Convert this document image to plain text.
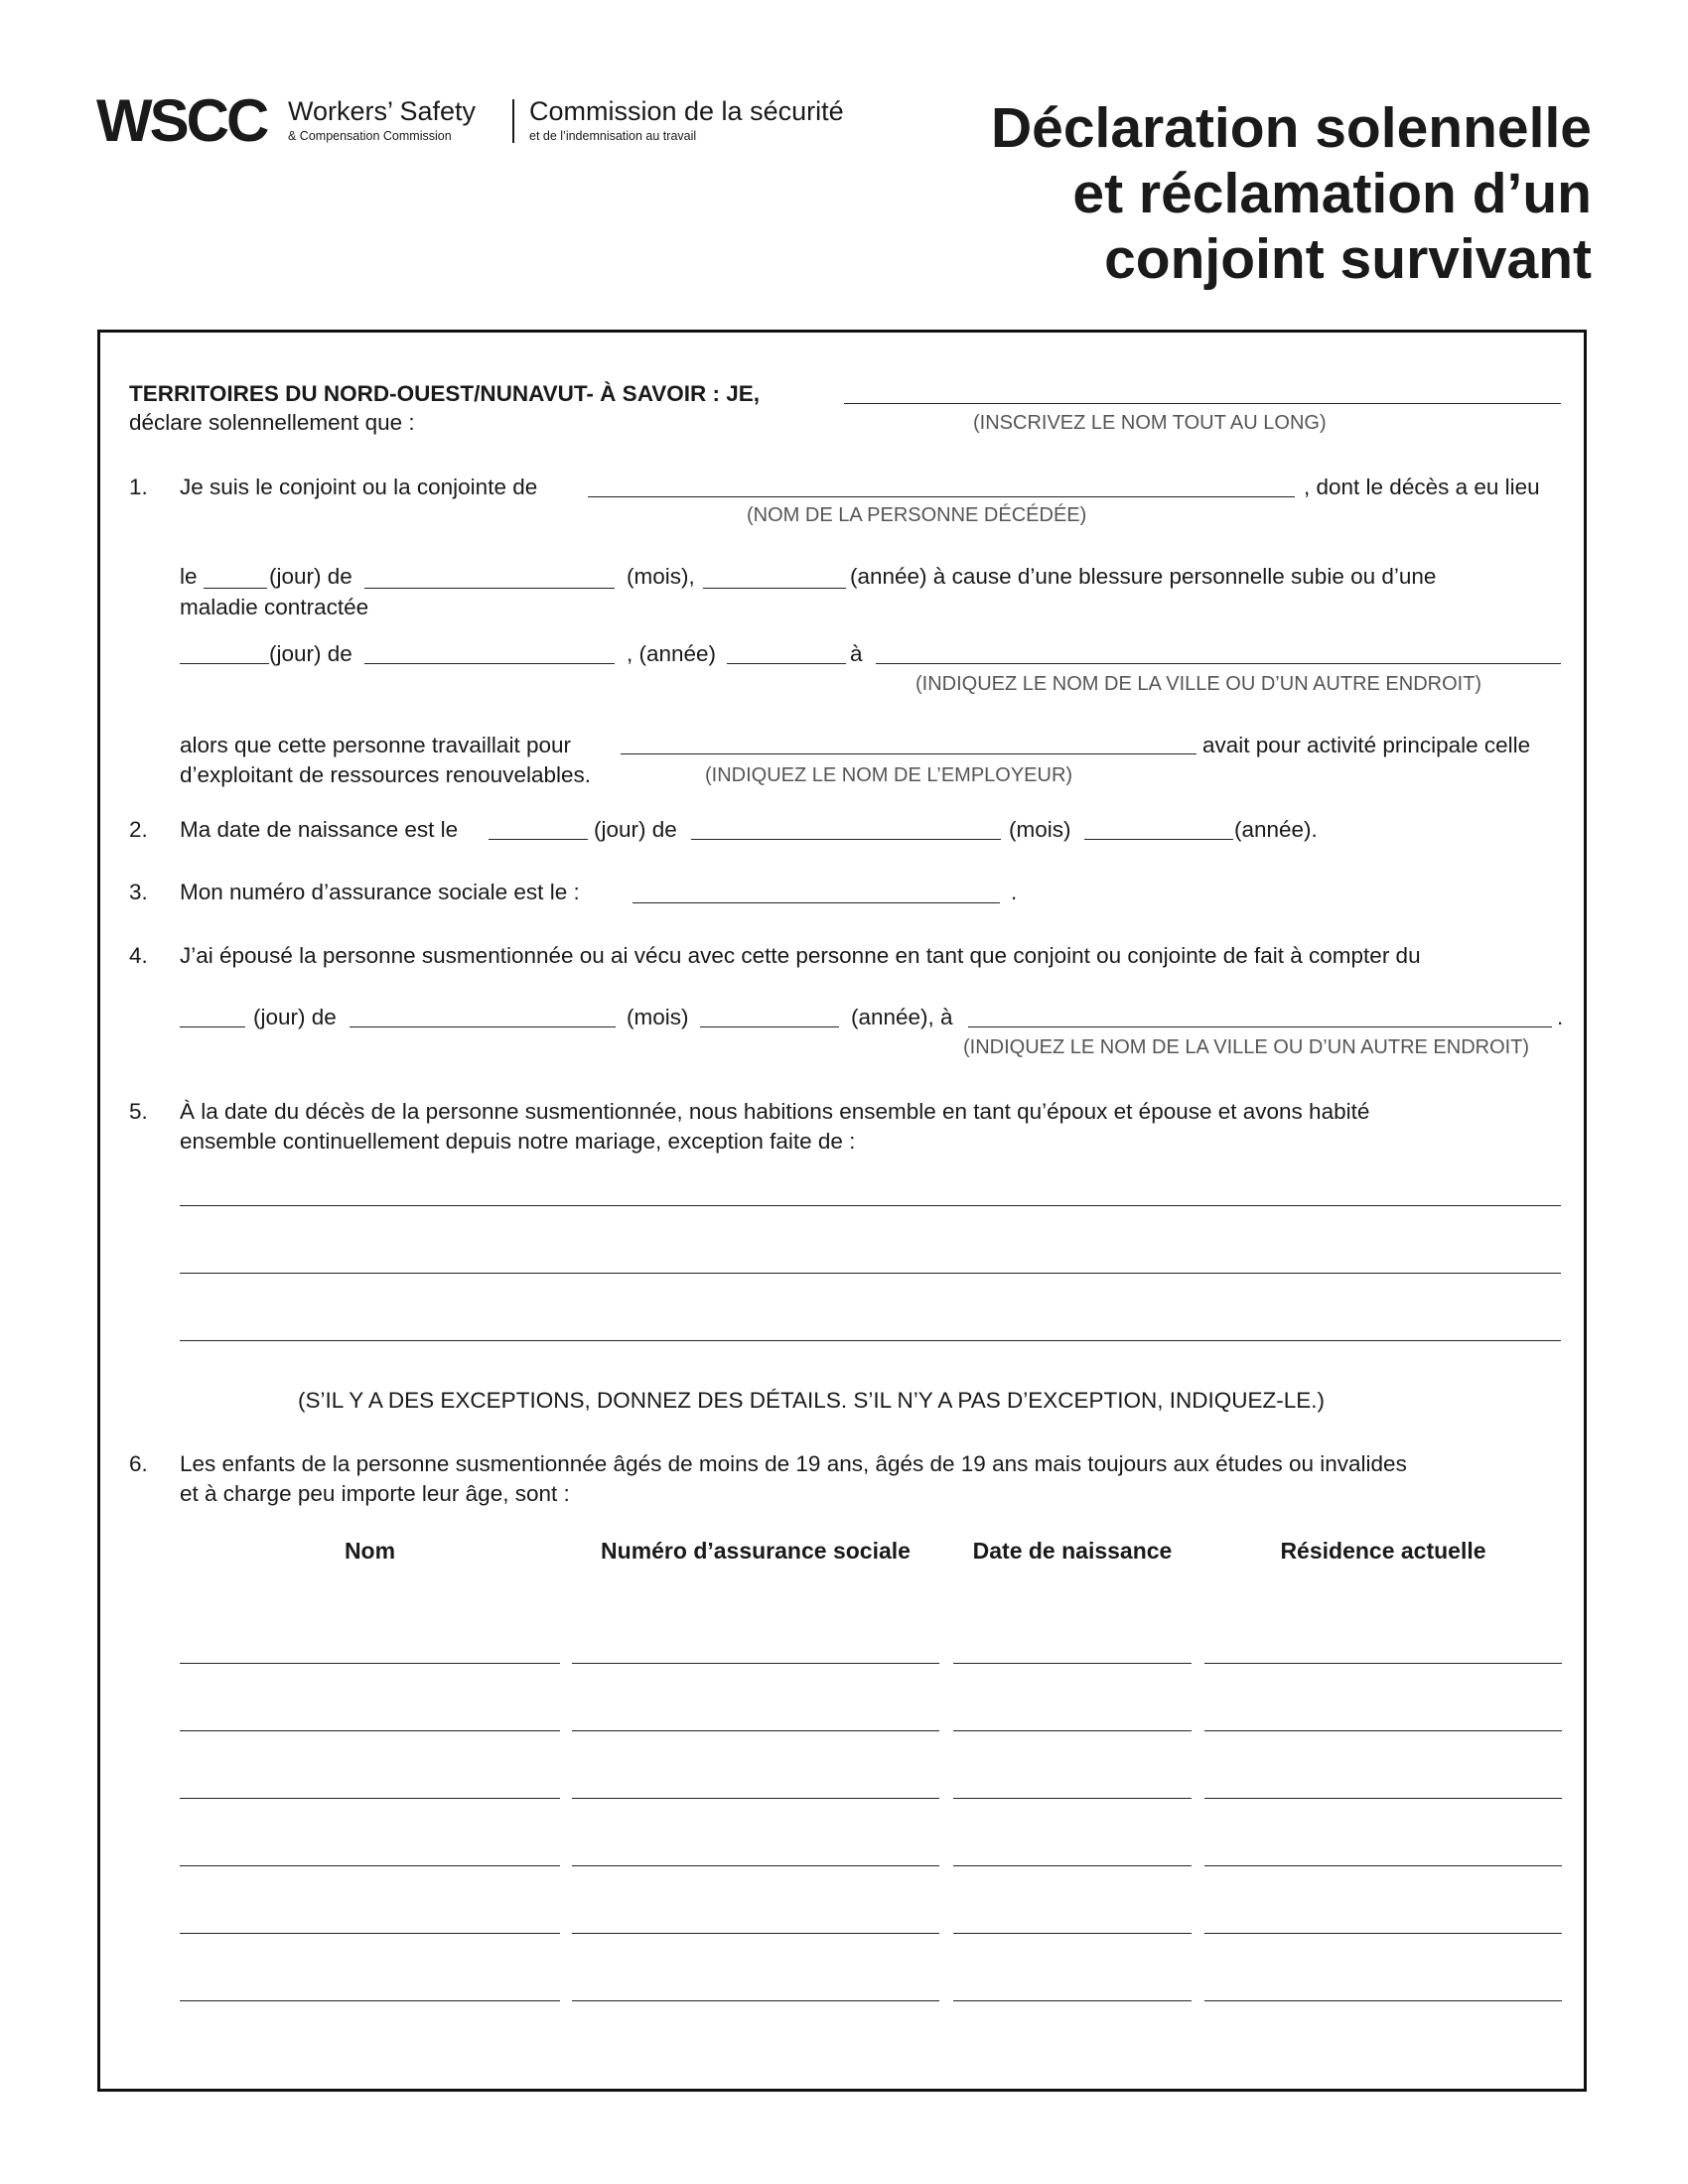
WSCC Workers’ Safety
& Compensation Commission
Commission de la sécurité
et de l’indemnisation au travail	Déclaration solennelle
et réclamation d’un
conjoint survivant
TERRITOIRES DU NORD-OUEST/NUNAVUT- À SAVOIR : JE,
déclare solennellement que :	(INSCRIVEZ LE NOM TOUT AU LONG)
1. Je suis le conjoint ou la conjointe de	, dont le décès a eu lieu
(NOM DE LA PERSONNE DÉCÉDÉE)
le	(jour) de	(mois),	(année) à cause d’une blessure personnelle subie ou d’une
maladie contractée
(jour) de	, (année)	à
(INDIQUEZ LE NOM DE LA VILLE OU D’UN AUTRE ENDROIT)
alors que cette personne travaillait pour	avait pour activité principale celle
d’exploitant de ressources renouvelables.	(INDIQUEZ LE NOM DE L’EMPLOYEUR)
2. Ma date de naissance est le	(jour) de	(mois)	(année).
3. Mon numéro d’assurance sociale est le :	.
4. J’ai épousé la personne susmentionnée ou ai vécu avec cette personne en tant que conjoint ou conjointe de fait à compter du
(jour) de	(mois)	(année), à	.
(INDIQUEZ LE NOM DE LA VILLE OU D’UN AUTRE ENDROIT)
5. À la date du décès de la personne susmentionnée, nous habitions ensemble en tant qu’époux et épouse et avons habité
ensemble continuellement depuis notre mariage, exception faite de :
(S’IL Y A DES EXCEPTIONS, DONNEZ DES DÉTAILS. S’IL N’Y A PAS D’EXCEPTION, INDIQUEZ-LE.)
6. Les enfants de la personne susmentionnée âgés de moins de 19 ans, âgés de 19 ans mais toujours aux études ou invalides
et à charge peu importe leur âge, sont :
Nom	Numéro d’assurance sociale	Date de naissance	Résidence actuelle
